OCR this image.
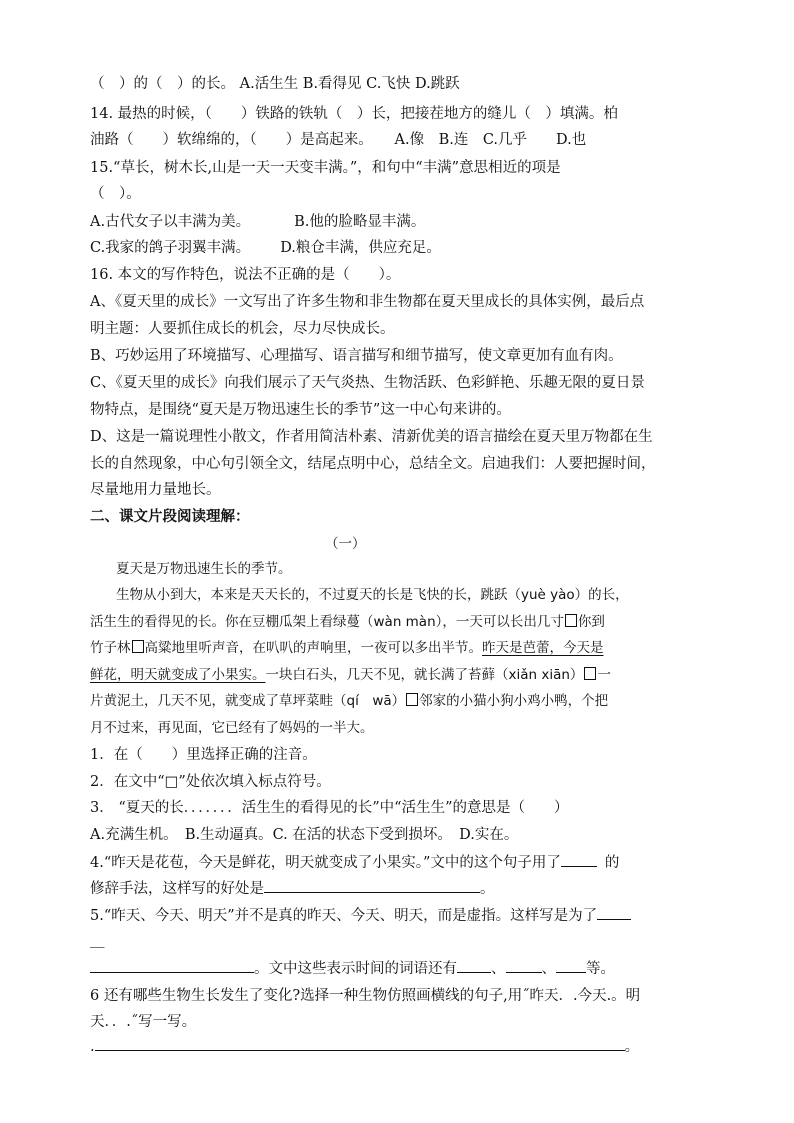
（　）的（　）的长。 A.活生生 B.看得见 C.飞快 D.跳跃
14. 最热的时候，（　　）铁路的铁轨（　）长，把接茬地方的缝儿（　）填满。柏
油路（　　）软绵绵的，（　　）是高起来。　　A.像　B.连　C.几乎　　D.也
15.“草长，树木长,山是一天一天变丰满。”，和句中“丰满”意思相近的项是
（　）。
A.古代女子以丰满为美。	B.他的脸略显丰满。
C.我家的鸽子羽翼丰满。 D.粮仓丰满，供应充足。
16. 本文的写作特色，说法不正确的是（　　）。
A、《夏天里的成长》一文写出了许多生物和非生物都在夏天里成长的具体实例，最后点
明主题：人要抓住成长的机会，尽力尽快成长。
B、巧妙运用了环境描写、心理描写、语言描写和细节描写，使文章更加有血有肉。
C、《夏天里的成长》向我们展示了天气炎热、生物活跃、色彩鲜艳、乐趣无限的夏日景
物特点，是围绕“夏天是万物迅速生长的季节”这一中心句来讲的。
D、这是一篇说理性小散文，作者用简洁朴素、清新优美的语言描绘在夏天里万物都在生
长的自然现象，中心句引领全文，结尾点明中心，总结全文。启迪我们：人要把握时间，
尽量地用力量地长。
二、课文片段阅读理解：
（一）
夏天是万物迅速生长的季节。
生物从小到大，本来是天天长的，不过夏天的长是飞快的长，跳跃（yuè yào）的长，
活生生的看得见的长。你在豆棚瓜架上看绿蔓（wàn màn），一天可以长出几寸 你到
竹子林 高粱地里听声音，在叭叭的声响里，一夜可以多出半节。昨天是芭蕾，今天是
鲜花，明天就变成了小果实。一块白石头，几天不见，就长满了苔藓（xiǎn xiān） 一
片黄泥土，几天不见，就变成了草坪菜畦（qí　wā） 邻家的小猫小狗小鸡小鸭，个把
月不过来，再见面，它已经有了妈妈的一半大。
1．在（　　）里选择正确的注音。
2．在文中“□”处依次填入标点符号。
3． “夏天的长．．．．．．．活生生的看得见的长”中“活生生”的意思是（　　）
A.充满生机。　B.生动逼真。C. 在活的状态下受到损坏。　D.实在。
4.“昨天是花苞，今天是鲜花，明天就变成了小果实。”文中的这个句子用了	的
修辞手法，这样写的好处是	。
5.“昨天、今天、明天”并不是真的昨天、今天、明天，而是虚指。这样写是为了
__
。文中这些表示时间的词语还有 、 、 等。
6 还有哪些生物生长发生了变化?选择一种生物仿照画横线的句子,用˝昨天．.今天.。明
天．．.˝写一写。
.	。
